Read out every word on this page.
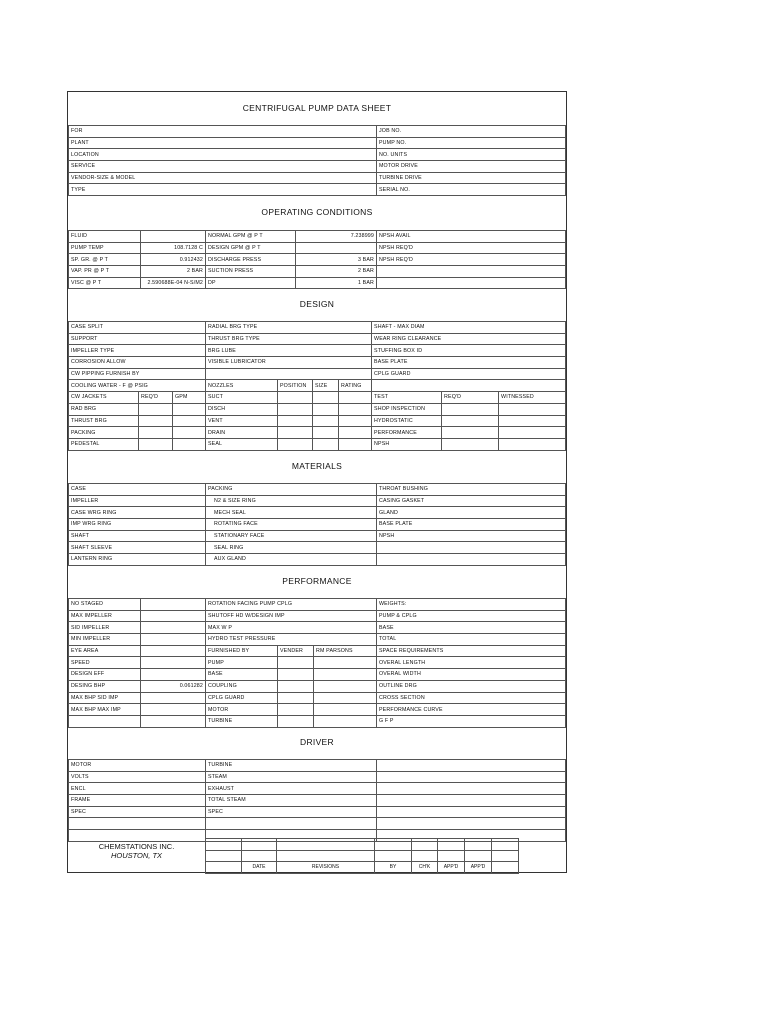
CENTRIFUGAL PUMP DATA SHEET
FOR	JOB NO.
PLANT	PUMP NO.
LOCATION	NO. UNITS
SERVICE	MOTOR DRIVE
VENDOR-SIZE & MODEL	TURBINE DRIVE
TYPE	SERIAL NO.
OPERATING CONDITIONS
FLUID		NORMAL GPM @ P T	7.238999	NPSH AVAIL
PUMP TEMP	108.7128 C	DESIGN GPM @ P T		NPSH REQ'D
SP. GR. @ P T	0.912432	DISCHARGE PRESS	3 BAR	NPSH REQ'D
VAP. PR @ P T	2 BAR	SUCTION PRESS	2 BAR	
VISC @ P T	2.590688E-04 N-S/M2	DP	1 BAR	
DESIGN
CASE SPLIT			RADIAL BRG TYPE				SHAFT - MAX DIAM		
SUPPORT			THRUST BRG TYPE				WEAR RING CLEARANCE		
IMPELLER TYPE			BRG LUBE				STUFFING BOX ID		
CORROSION ALLOW			VISIBLE LUBRICATOR				BASE PLATE		
CW PIPPING FURNISH BY							CPLG GUARD		
COOLING WATER - F @ PSIG			NOZZLES	POSITION	SIZE	RATING			
CW JACKETS	REQ'D	GPM	SUCT				TEST	REQ'D	WITNESSED
RAD BRG			DISCH				SHOP INSPECTION		
THRUST BRG			VENT				HYDROSTATIC		
PACKING			DRAIN				PERFORMANCE		
PEDESTAL			SEAL				NPSH		
MATERIALS
CASE	PACKING	THROAT BUSHING
IMPELLER	N2 & SIZE RING	CASING GASKET
CASE WRG RING	MECH SEAL	GLAND
IMP WRG RING	ROTATING FACE	BASE PLATE
SHAFT	STATIONARY FACE	NPSH
SHAFT SLEEVE	SEAL RING	
LANTERN RING	AUX GLAND	
PERFORMANCE
NO STAGED		ROTATION FACING PUMP CPLG			WEIGHTS:
MAX IMPELLER		SHUTOFF HD W/DESIGN IMP			PUMP & CPLG
SID IMPELLER		MAX W P			BASE
MIN IMPELLER		HYDRO TEST PRESSURE			TOTAL
EYE AREA		FURNISHED BY	VENDER	RM PARSONS	SPACE REQUIREMENTS
SPEED		PUMP			OVERAL LENGTH
DESIGN EFF		BASE			OVERAL WIDTH
DESING BHP	0.061282	COUPLING			OUTLINE DRG
MAX BHP SID IMP		CPLG GUARD			CROSS SECTION
MAX BHP MAX IMP		MOTOR			PERFORMANCE CURVE
		TURBINE			G F P
DRIVER
MOTOR	TURBINE	
VOLTS	STEAM	
ENCL	EXHAUST	
FRAME	TOTAL STEAM	
SPEC	SPEC	

CHEMSTATIONS INC.
HOUSTON, TX

	DATE	REVISIONS	BY	CH'K	APP'D	APP'D	
